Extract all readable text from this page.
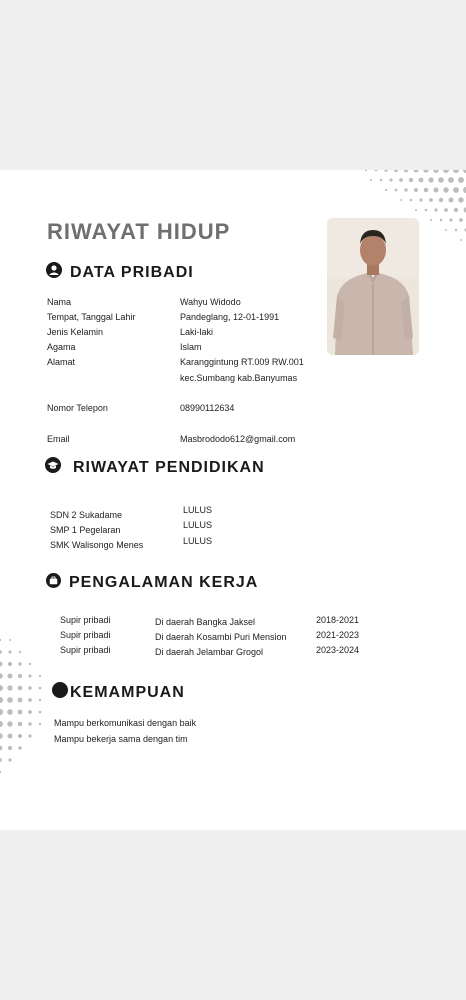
RIWAYAT HIDUP
DATA PRIBADI
Nama	Wahyu Widodo
Tempat, Tanggal Lahir	Pandeglang, 12-01-1991
Jenis Kelamin	Laki-laki
Agama	Islam
Alamat	Karanggintung RT.009 RW.001
kec.Sumbang kab.Banyumas
Nomor Telepon	08990112634
Email	Masbrododo612@gmail.com
RIWAYAT PENDIDIKAN
SDN 2 Sukadame	LULUS
SMP 1 Pegelaran	LULUS
SMK Walisongo Menes	LULUS
PENGALAMAN KERJA
Supir pribadi	Di daerah Bangka Jaksel	2018-2021
Supir pribadi	Di daerah Kosambi Puri Mension	2021-2023
Supir pribadi	Di daerah Jelambar Grogol	2023-2024
KEMAMPUAN
Mampu berkomunikasi dengan baik
Mampu bekerja sama dengan tim
